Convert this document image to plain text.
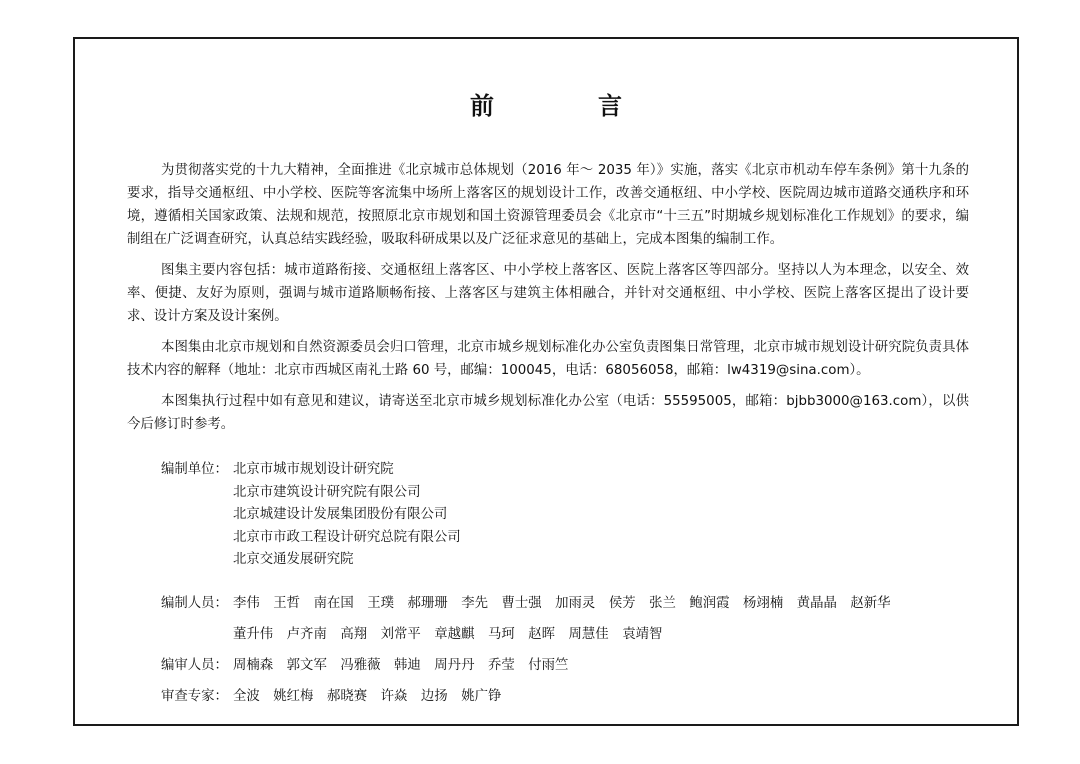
前　言

为贯彻落实党的十九大精神，全面推进《北京城市总体规划（2016 年～ 2035 年）》实施，落实《北京市机动车停车条例》第十九条的要求，指导交通枢纽、中小学校、医院等客流集中场所上落客区的规划设计工作，改善交通枢纽、中小学校、医院周边城市道路交通秩序和环境，遵循相关国家政策、法规和规范，按照原北京市规划和国土资源管理委员会《北京市“十三五”时期城乡规划标准化工作规划》的要求，编制组在广泛调查研究，认真总结实践经验，吸取科研成果以及广泛征求意见的基础上，完成本图集的编制工作。

图集主要内容包括：城市道路衔接、交通枢纽上落客区、中小学校上落客区、医院上落客区等四部分。坚持以人为本理念，以安全、效率、便捷、友好为原则，强调与城市道路顺畅衔接、上落客区与建筑主体相融合，并针对交通枢纽、中小学校、医院上落客区提出了设计要求、设计方案及设计案例。

本图集由北京市规划和自然资源委员会归口管理，北京市城乡规划标准化办公室负责图集日常管理，北京市城市规划设计研究院负责具体技术内容的解释（地址：北京市西城区南礼士路 60 号，邮编：100045，电话：68056058，邮箱：lw4319@sina.com）。

本图集执行过程中如有意见和建议，请寄送至北京市城乡规划标准化办公室（电话：55595005，邮箱：bjbb3000@163.com），以供今后修订时参考。

编制单位： 北京市城市规划设计研究院
北京市建筑设计研究院有限公司
北京城建设计发展集团股份有限公司
北京市市政工程设计研究总院有限公司
北京交通发展研究院
编制人员： 李伟 王哲 南在国 王璞 郝珊珊 李先 曹士强 加雨灵 侯芳 张兰 鲍润霞 杨翊楠 黄晶晶 赵新华
董升伟 卢齐南 高翔 刘常平 章越麒 马珂 赵晖 周慧佳 袁靖智
编审人员： 周楠森 郭文军 冯雅薇 韩迪 周丹丹 乔莹 付雨竺
审查专家： 全波 姚红梅 郝晓赛 许焱 边扬 姚广铮
